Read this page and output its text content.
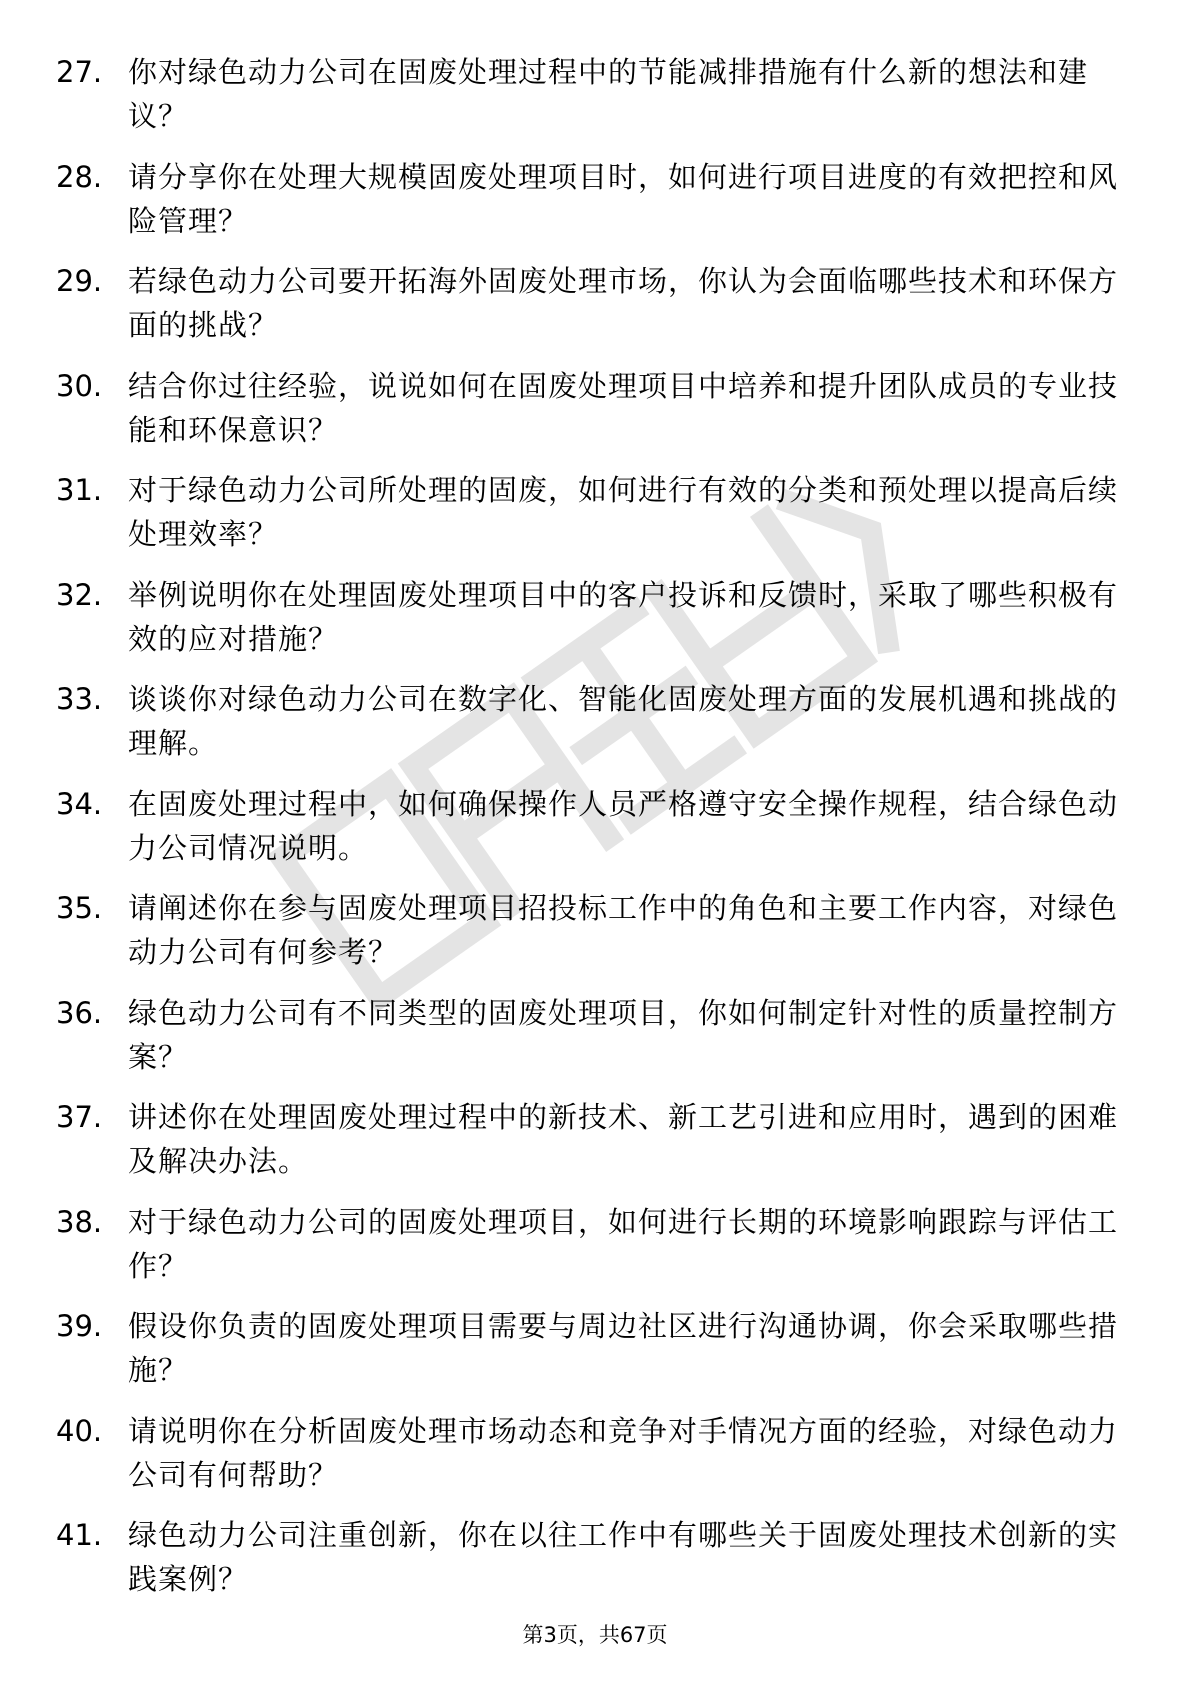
27. 你对绿色动力公司在固废处理过程中的节能减排措施有什么新的想法和建议？
28. 请分享你在处理大规模固废处理项目时，如何进行项目进度的有效把控和风险管理？
29. 若绿色动力公司要开拓海外固废处理市场，你认为会面临哪些技术和环保方面的挑战？
30. 结合你过往经验，说说如何在固废处理项目中培养和提升团队成员的专业技能和环保意识？
31. 对于绿色动力公司所处理的固废，如何进行有效的分类和预处理以提高后续处理效率？
32. 举例说明你在处理固废处理项目中的客户投诉和反馈时，采取了哪些积极有效的应对措施？
33. 谈谈你对绿色动力公司在数字化、智能化固废处理方面的发展机遇和挑战的理解。
34. 在固废处理过程中，如何确保操作人员严格遵守安全操作规程，结合绿色动力公司情况说明。
35. 请阐述你在参与固废处理项目招投标工作中的角色和主要工作内容，对绿色动力公司有何参考？
36. 绿色动力公司有不同类型的固废处理项目，你如何制定针对性的质量控制方案？
37. 讲述你在处理固废处理过程中的新技术、新工艺引进和应用时，遇到的困难及解决办法。
38. 对于绿色动力公司的固废处理项目，如何进行长期的环境影响跟踪与评估工作？
39. 假设你负责的固废处理项目需要与周边社区进行沟通协调，你会采取哪些措施？
40. 请说明你在分析固废处理市场动态和竞争对手情况方面的经验，对绿色动力公司有何帮助？
41. 绿色动力公司注重创新，你在以往工作中有哪些关于固废处理技术创新的实践案例？
第3页，共67页
